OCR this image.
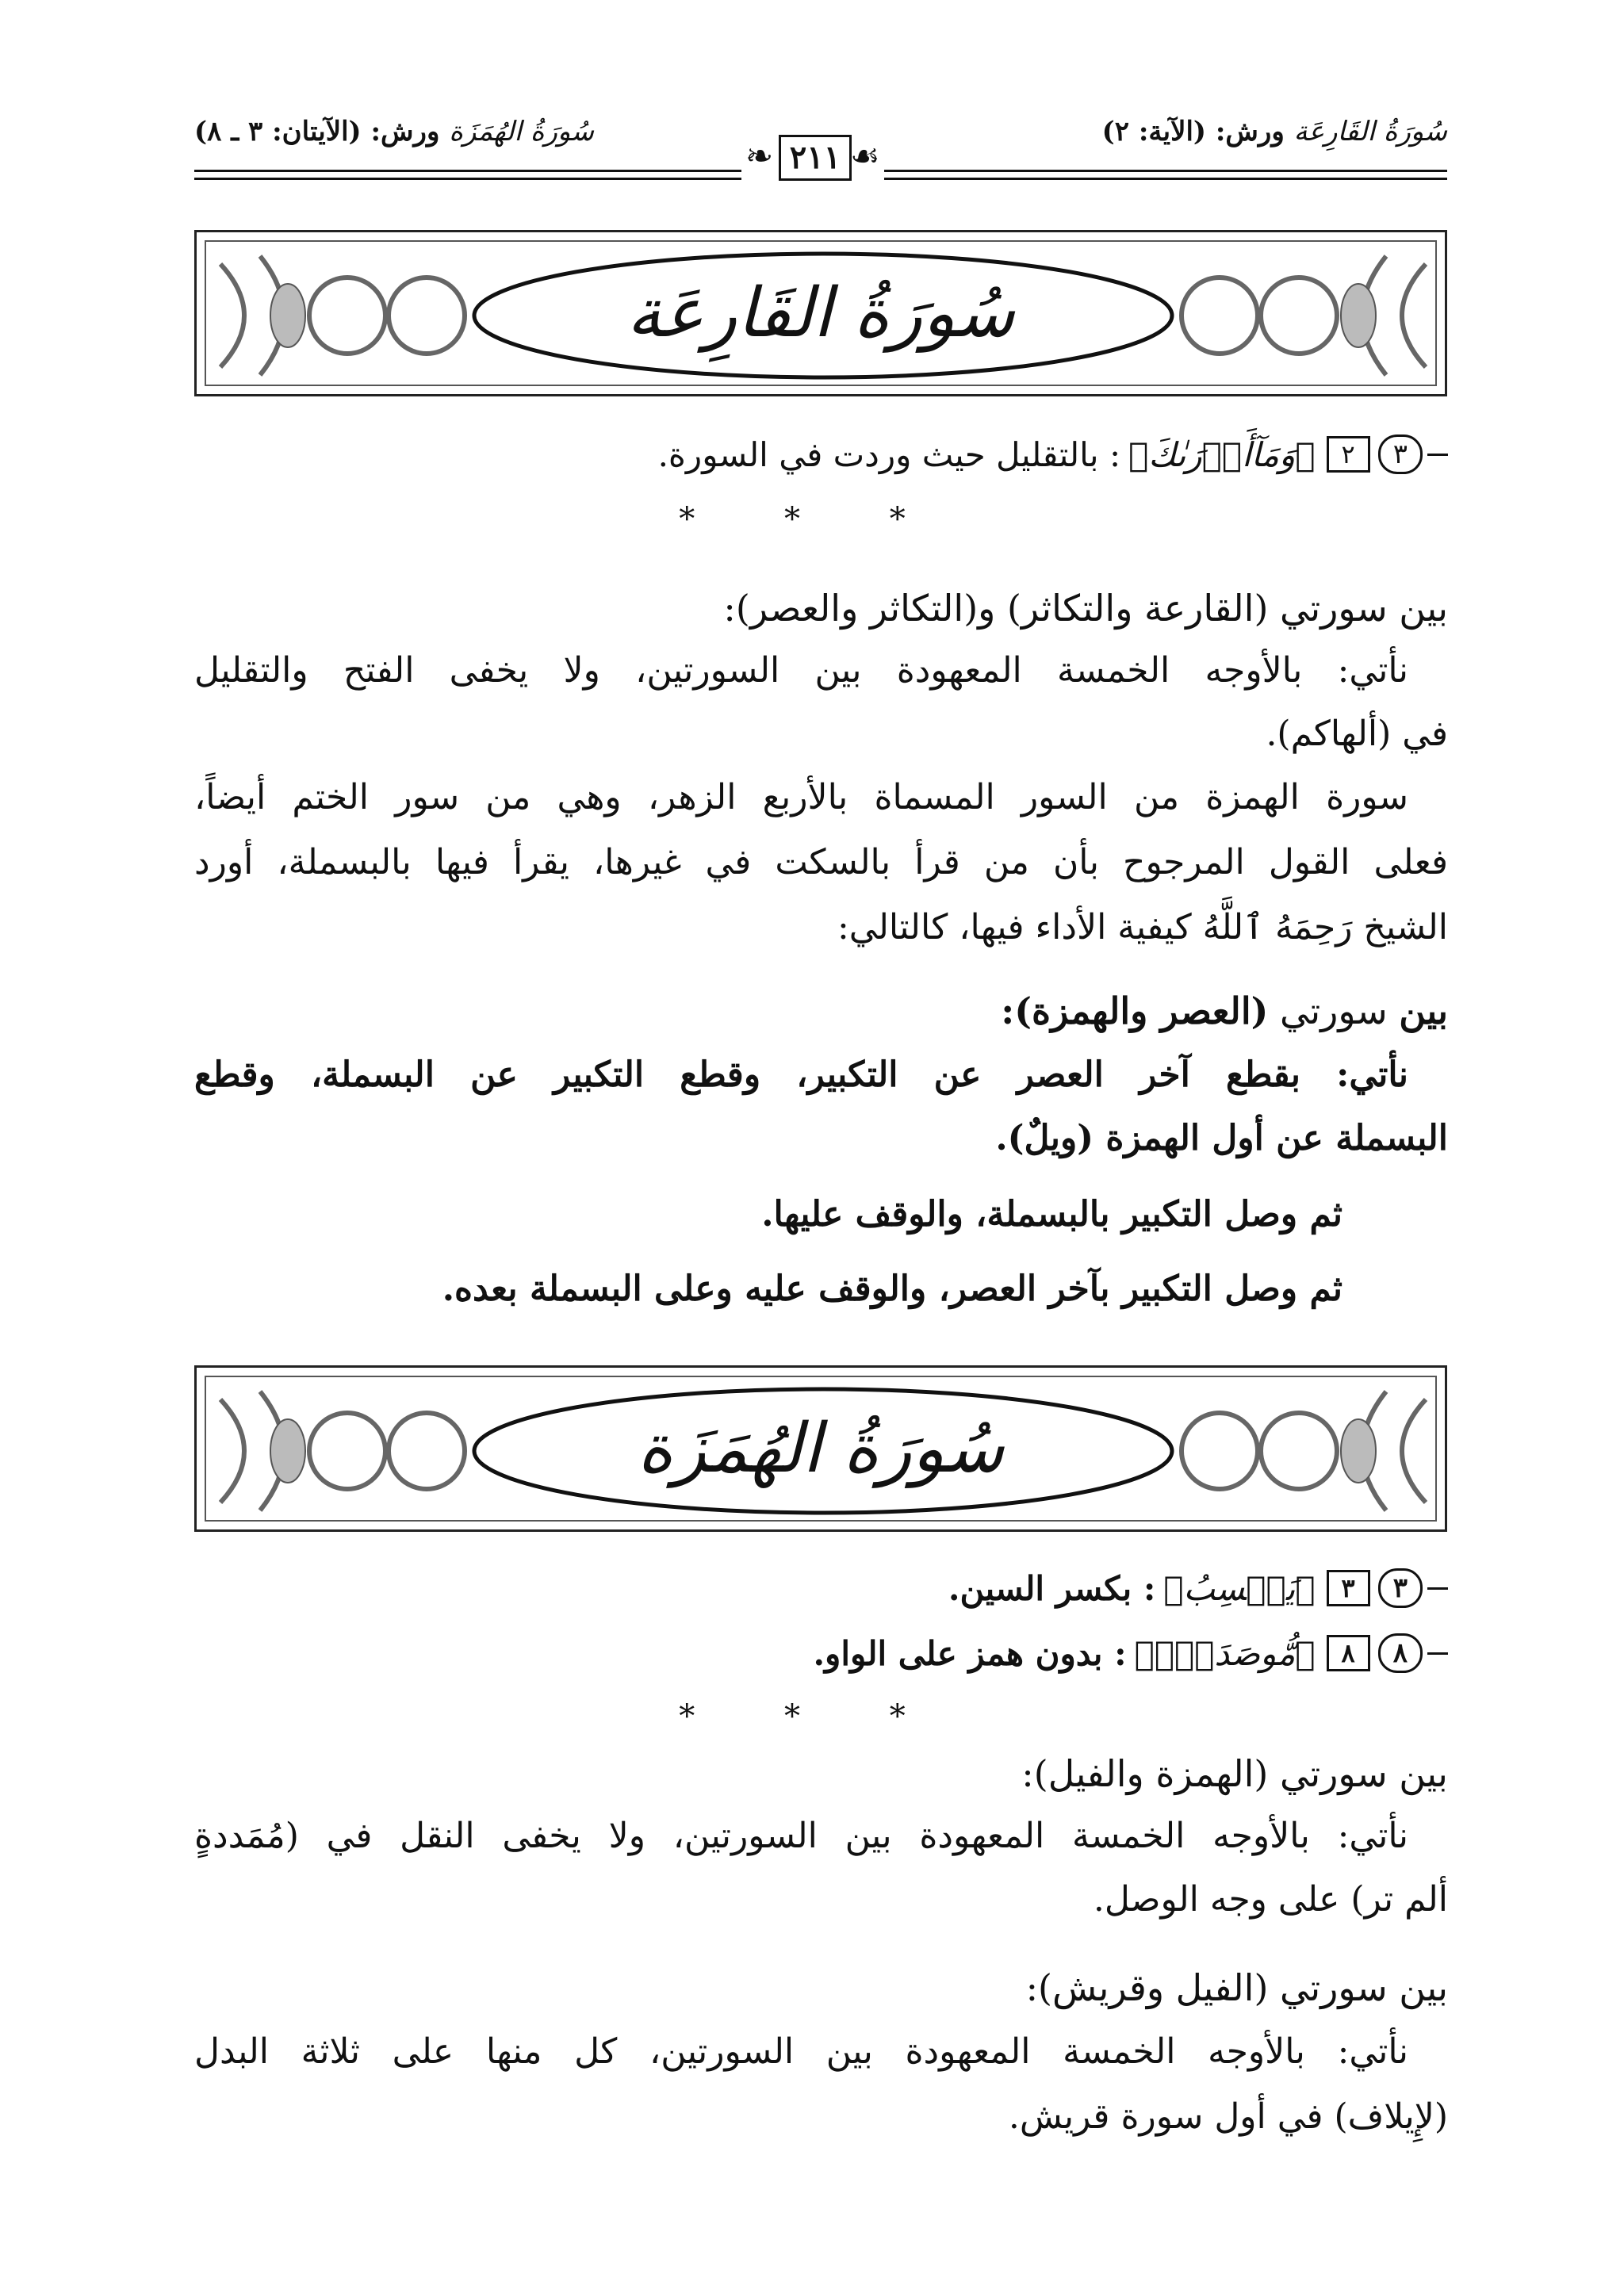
سُورَةُ القَارِعَة ورش: (الآية: ٢)
سُورَةُ الهُمَزَة ورش: (الآيتان: ٣ ـ ٨)
❧ ٢١١ ☙
سُورَةُ القَارِعَة
٣
٢
﴿وَمَآأَدۡرَىٰكَ﴾
: بالتقليل حيث وردت في السورة.
* * *
بين سورتي (القارعة والتكاثر) و(التكاثر والعصر):
نأتي: بالأوجه الخمسة المعهودة بين السورتين، ولا يخفى الفتح والتقليل
في (ألهاكم).
سورة الهمزة من السور المسماة بالأربع الزهر، وهي من سور الختم أيضاً،
فعلى القول المرجوح بأن من قرأ بالسكت في غيرها، يقرأ فيها بالبسملة، أورد
الشيخ رَحِمَهُ ٱللَّهُ كيفية الأداء فيها، كالتالي:
بين سورتي (العصر والهمزة):
نأتي: بقطع آخر العصر عن التكبير، وقطع التكبير عن البسملة، وقطع
البسملة عن أول الهمزة (ويلٌ).
ثم وصل التكبير بالبسملة، والوقف عليها.
ثم وصل التكبير بآخر العصر، والوقف عليه وعلى البسملة بعده.
سُورَةُ الهُمَزَة
٣
٣
﴿يَحۡسِبُ﴾
: بكسر السين.
٨
٨
﴿مُّوصَدَةُۢ﴾
: بدون همز على الواو.
* * *
بين سورتي (الهمزة والفيل):
نأتي: بالأوجه الخمسة المعهودة بين السورتين، ولا يخفى النقل في (مُمَددةٍ
ألم تر) على وجه الوصل.
بين سورتي (الفيل وقريش):
نأتي: بالأوجه الخمسة المعهودة بين السورتين، كل منها على ثلاثة البدل
(لإِيلاف) في أول سورة قريش.
